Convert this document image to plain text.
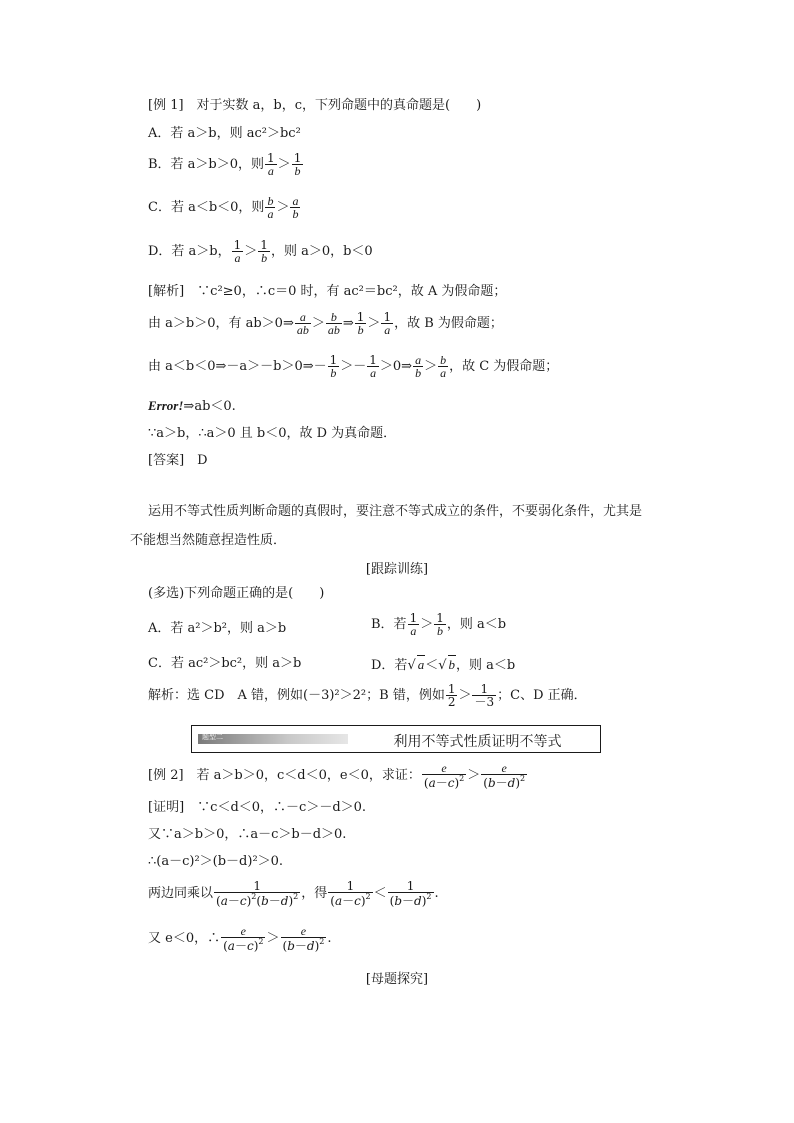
[例 1]　对于实数 a，b，c，下列命题中的真命题是(　　)
A．若 a＞b，则 ac²＞bc²
B．若 a＞b＞0，则 $\frac{1}{a} > \frac{1}{b}$
C．若 a＜b＜0，则 $\frac{b}{a} > \frac{a}{b}$
D．若 a＞b， $\frac{1}{a} > \frac{1}{b}$ ，则 a＞0，b＜0
[解析]　 ∵c²≥0，∴c＝0 时，有 ac²＝bc²，故 A 为假命题；
由 a＞b＞0，有 ab＞0⇒ $\frac{a}{ab} > \frac{b}{ab}$ ⇒ $\frac{1}{b} > \frac{1}{a}$ ，故 B 为假命题；
由 a＜b＜0⇒－a＞－b＞0⇒－ $\frac{1}{b} >- \frac{1}{a}$ ＞0⇒ $\frac{a}{b} > \frac{b}{a}$ ，故 C 为假命题；
Error!⇒ab＜0.
∵a＞b，∴a＞0 且 b＜0，故 D 为真命题．
[答案]　D
运用不等式性质判断命题的真假时，要注意不等式成立的条件，不要弱化条件，尤其是
不能想当然随意捏造性质．
[跟踪训练]
(多选)下列命题正确的是(　　)
A．若 a²＞b²，则 a＞b	B．若 $\frac{1}{a} > \frac{1}{b}$ ，则 a＜b
C．若 ac²＞bc²，则 a＞b	D．若√ a＜√ b，则 a＜b
解析：选 CD　A 错，例如(－3)²＞2²；B 错，例如 $\frac{1}{2} > \frac{1}{-3}$ ；C、D 正确．
题型二	利用不等式性质证明不等式
[例 2]　若 a＞b＞0，c＜d＜0，e＜0，求证： $\frac{e}{(a-c)^2} > \frac{e}{(b-d)^2}$
[证明]　 ∵c＜d＜0，∴－c＞－d＞0.
又∵a＞b＞0，∴a－c＞b－d＞0.
∴(a－c)²＞(b－d)²＞0.
两边同乘以 $\frac{1}{(a-c)^2(b-d)^2}$ ，得 $\frac{1}{(a-c)^2} < \frac{1}{(b-d)^2}$ .
又 e＜0，∴ $\frac{e}{(a-c)^2} > \frac{e}{(b-d)^2}$ .
[母题探究]
